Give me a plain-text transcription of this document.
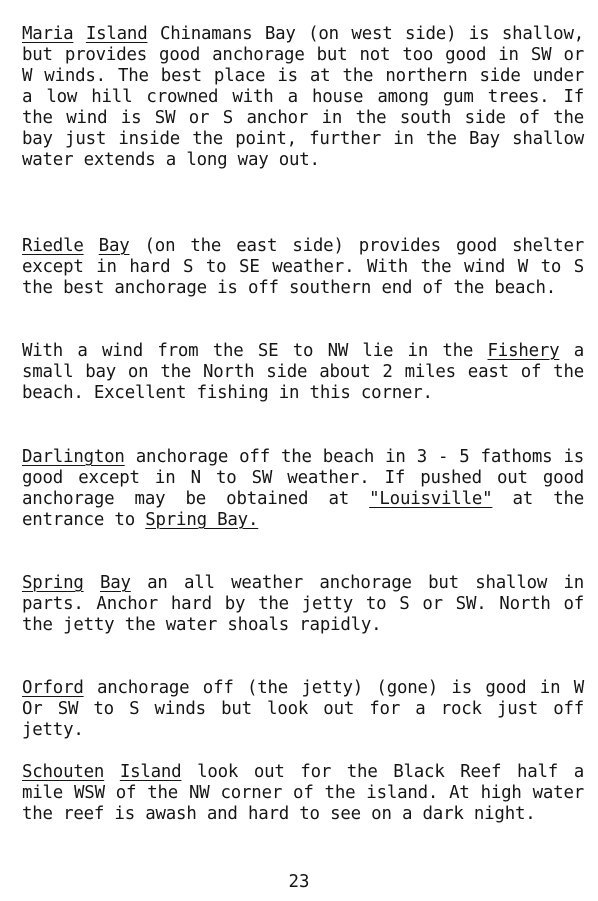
Maria Island Chinamans Bay (on west side) is shallow, but provides good anchorage but not too good in SW or W winds. The best place is at the northern side under a low hill crowned with a house among gum trees. If the wind is SW or S anchor in the south side of the bay just inside the point, further in the Bay shallow water extends a long way out.

Riedle Bay (on the east side) provides good shelter except in hard S to SE weather. With the wind W to S the best anchorage is off southern end of the beach.

With a wind from the SE to NW lie in the Fishery a small bay on the North side about 2 miles east of the beach. Excellent fishing in this corner.

Darlington anchorage off the beach in 3 - 5 fathoms is good except in N to SW weather. If pushed out good anchorage may be obtained at "Louisville" at the entrance to Spring Bay.

Spring Bay an all weather anchorage but shallow in parts. Anchor hard by the jetty to S or SW. North of the jetty the water shoals rapidly.

Orford anchorage off (the jetty) (gone) is good in W Or SW to S winds but look out for a rock just off jetty.

Schouten Island look out for the Black Reef half a mile WSW of the NW corner of the island. At high water the reef is awash and hard to see on a dark night.

23
